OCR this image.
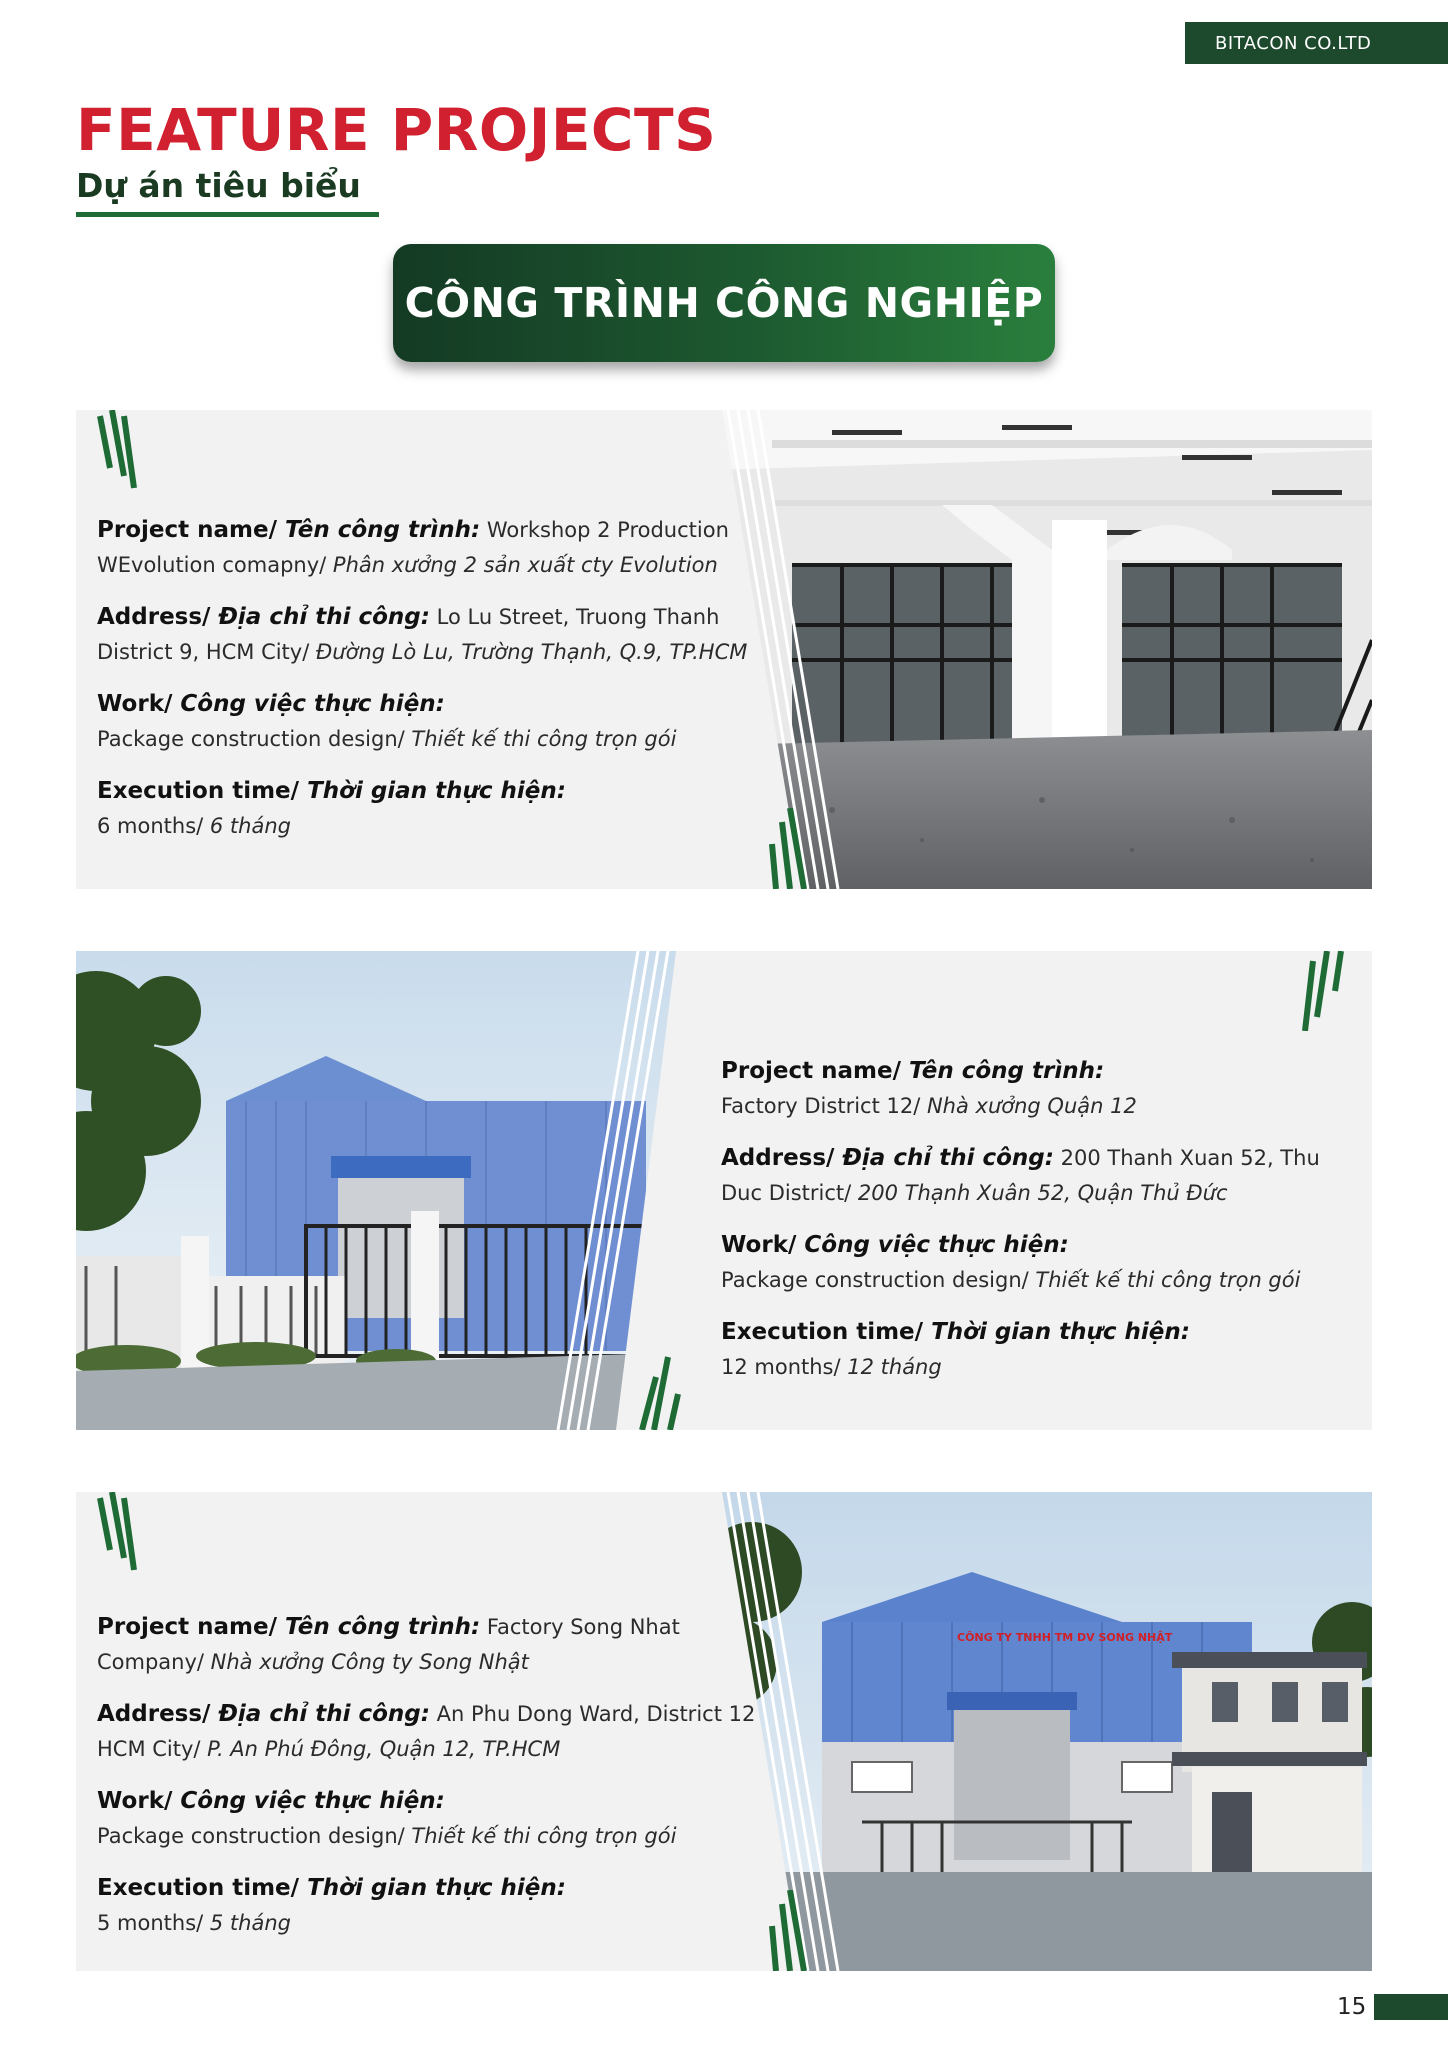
BITACON CO.LTD
FEATURE PROJECTS
Dự án tiêu biểu
CÔNG TRÌNH CÔNG NGHIỆP

Project name/ Tên công trình: Workshop 2 Production WEvolution comapny/ Phân xưởng 2 sản xuất cty Evolution

Address/ Địa chỉ thi công: Lo Lu Street, Truong Thanh District 9, HCM City/ Đường Lò Lu, Trường Thạnh, Q.9, TP.HCM

Work/ Công việc thực hiện:
Package construction design/ Thiết kế thi công trọn gói

Execution time/ Thời gian thực hiện:
6 months/ 6 tháng

Project name/ Tên công trình:
Factory District 12/ Nhà xưởng Quận 12

Address/ Địa chỉ thi công: 200 Thanh Xuan 52, Thu Duc District/ 200 Thạnh Xuân 52, Quận Thủ Đức

Work/ Công việc thực hiện:
Package construction design/ Thiết kế thi công trọn gói

Execution time/ Thời gian thực hiện:
12 months/ 12 tháng

CÔNG TY TNHH TM DV SONG NHẬT

Project name/ Tên công trình: Factory Song Nhat Company/ Nhà xưởng Công ty Song Nhật

Address/ Địa chỉ thi công: An Phu Dong Ward, District 12 HCM City/ P. An Phú Đông, Quận 12, TP.HCM

Work/ Công việc thực hiện:
Package construction design/ Thiết kế thi công trọn gói

Execution time/ Thời gian thực hiện:
5 months/ 5 tháng

15
